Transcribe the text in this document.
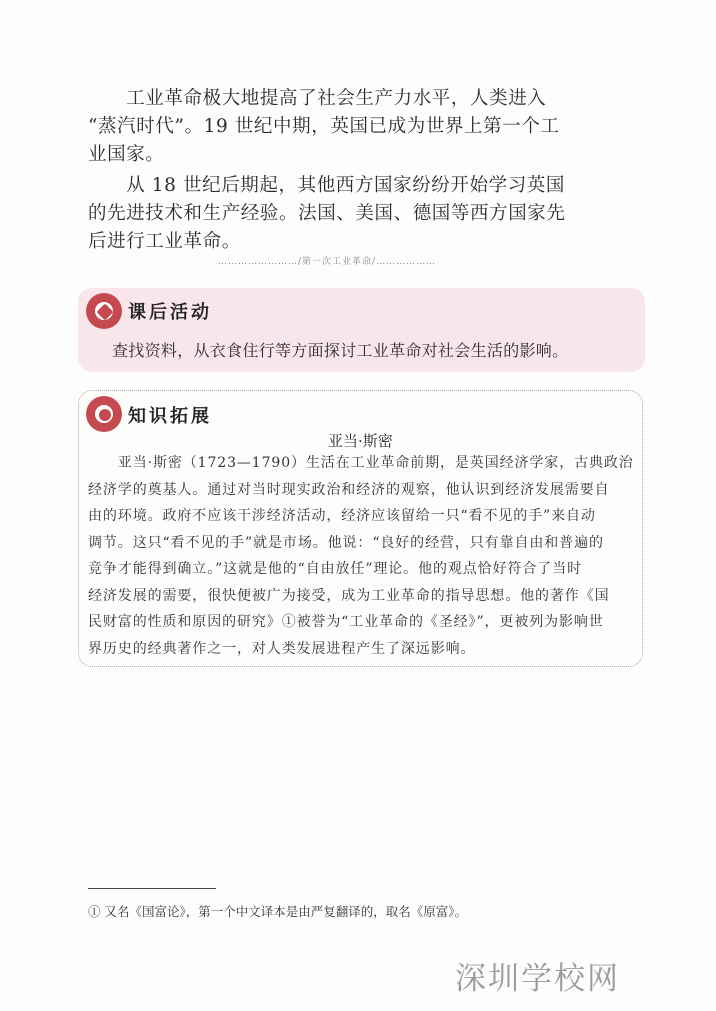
　　工业革命极大地提高了社会生产力水平，人类进入
“蒸汽时代”。19 世纪中期，英国已成为世界上第一个工
业国家。
　　从 18 世纪后期起，其他西方国家纷纷开始学习英国
的先进技术和生产经验。法国、美国、德国等西方国家先
后进行工业革命。
……………………/第一次工业革命/………………
课后活动
查找资料，从衣食住行等方面探讨工业革命对社会生活的影响。
知识拓展
亚当·斯密
　　亚当·斯密（1723—1790）生活在工业革命前期，是英国经济学家，古典政治
经济学的奠基人。通过对当时现实政治和经济的观察，他认识到经济发展需要自
由的环境。政府不应该干涉经济活动，经济应该留给一只“看不见的手”来自动
调节。这只“看不见的手”就是市场。他说：“良好的经营，只有靠自由和普遍的
竞争才能得到确立。”这就是他的“自由放任”理论。他的观点恰好符合了当时
经济发展的需要，很快便被广为接受，成为工业革命的指导思想。他的著作《国
民财富的性质和原因的研究》①被誉为“工业革命的《圣经》”，更被列为影响世
界历史的经典著作之一，对人类发展进程产生了深远影响。
① 又名《国富论》，第一个中文译本是由严复翻译的，取名《原富》。
深圳学校网
